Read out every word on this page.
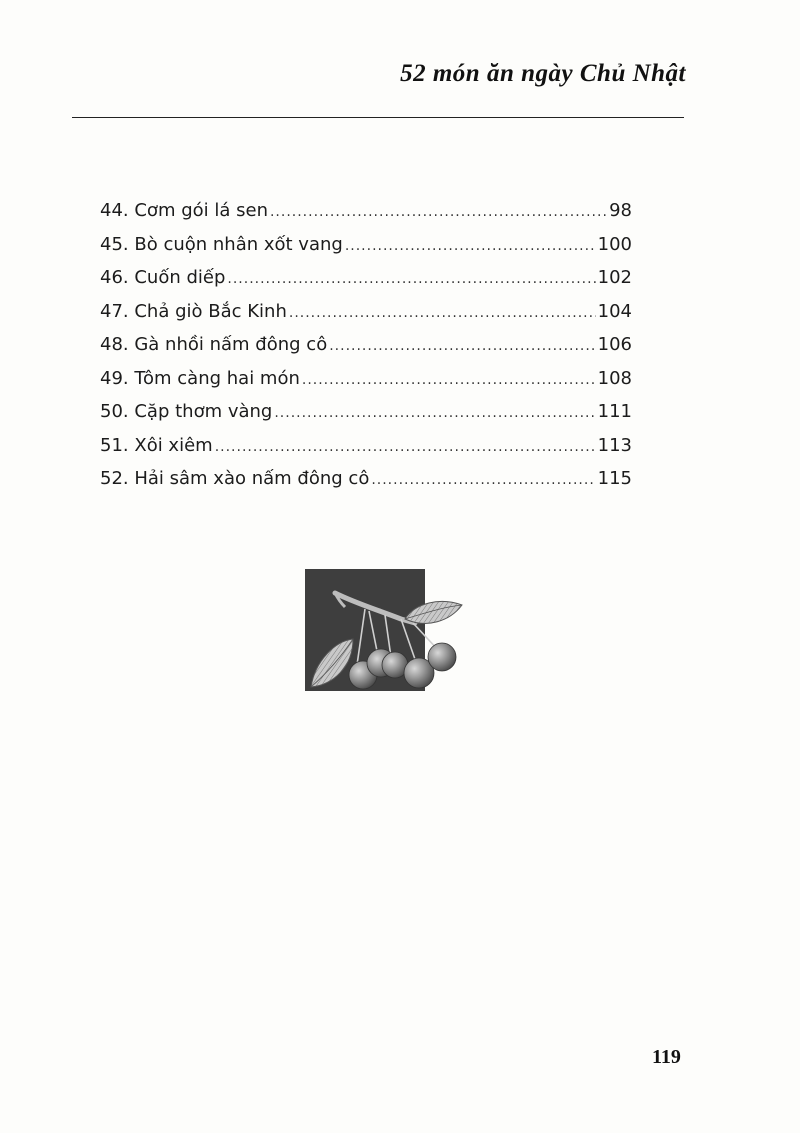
52 món ăn ngày Chủ Nhật
44. Cơm gói lá sen .....	98
45. Bò cuộn nhân xốt vang .....	100
46. Cuốn diếp .....	102
47. Chả giò Bắc Kinh .....	104
48. Gà nhồi nấm đông cô .....	106
49. Tôm càng hai món .....	108
50. Cặp thơm vàng .....	111
51. Xôi xiêm .....	113
52. Hải sâm xào nấm đông cô .....	115
119
